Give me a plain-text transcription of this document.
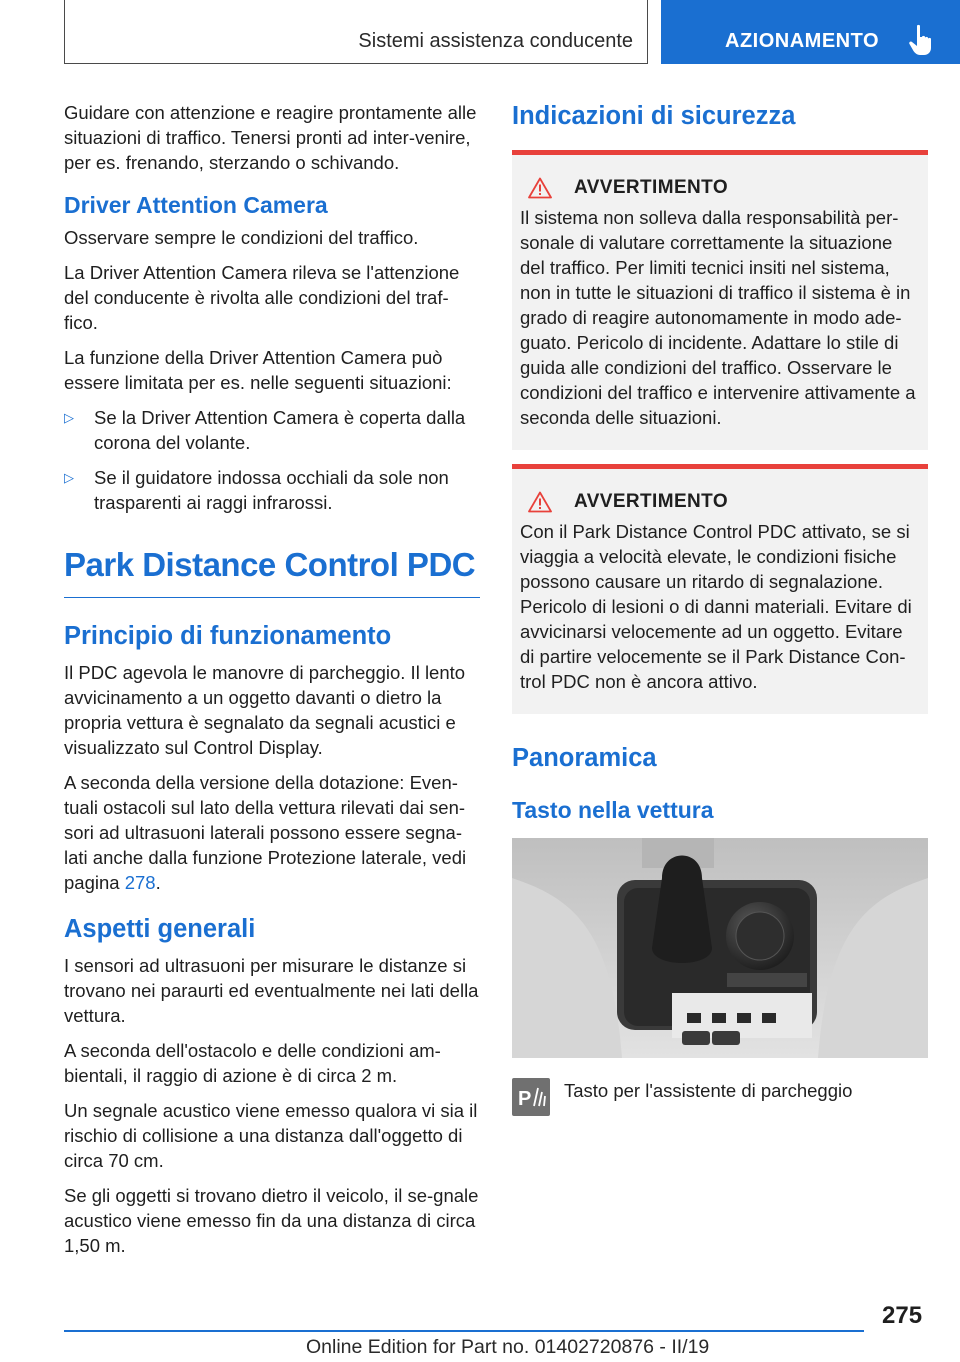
Sistemi assistenza conducente	AZIONAMENTO

Guidare con attenzione e reagire prontamente alle situazioni di traffico. Tenersi pronti ad inter-venire, per es. frenando, sterzando o schivando.

Driver Attention Camera

Osservare sempre le condizioni del traffico.

La Driver Attention Camera rileva se l'attenzione del conducente è rivolta alle condizioni del traf-fico.

La funzione della Driver Attention Camera può essere limitata per es. nelle seguenti situazioni:

▷	Se la Driver Attention Camera è coperta dalla corona del volante.
▷	Se il guidatore indossa occhiali da sole non trasparenti ai raggi infrarossi.
Park Distance Control PDC
Principio di funzionamento

Il PDC agevola le manovre di parcheggio. Il lento avvicinamento a un oggetto davanti o dietro la propria vettura è segnalato da segnali acustici e visualizzato sul Control Display.

A seconda della versione della dotazione: Even-tuali ostacoli sul lato della vettura rilevati dai sen-sori ad ultrasuoni laterali possono essere segna-lati anche dalla funzione Protezione laterale, vedi pagina 278.

Aspetti generali

I sensori ad ultrasuoni per misurare le distanze si trovano nei paraurti ed eventualmente nei lati della vettura.

A seconda dell'ostacolo e delle condizioni am-bientali, il raggio di azione è di circa 2 m.

Un segnale acustico viene emesso qualora vi sia il rischio di collisione a una distanza dall'oggetto di circa 70 cm.

Se gli oggetti si trovano dietro il veicolo, il se-gnale acustico viene emesso fin da una distanza di circa 1,50 m.

Indicazioni di sicurezza
AVVERTIMENTO

Il sistema non solleva dalla responsabilità per-sonale di valutare correttamente la situazione del traffico. Per limiti tecnici insiti nel sistema, non in tutte le situazioni di traffico il sistema è in grado di reagire autonomamente in modo ade-guato. Pericolo di incidente. Adattare lo stile di guida alle condizioni del traffico. Osservare le condizioni del traffico e intervenire attivamente a seconda delle situazioni.

AVVERTIMENTO

Con il Park Distance Control PDC attivato, se si viaggia a velocità elevate, le condizioni fisiche possono causare un ritardo di segnalazione. Pericolo di lesioni o di danni materiali. Evitare di avvicinarsi velocemente ad un oggetto. Evitare di partire velocemente se il Park Distance Con-trol PDC non è ancora attivo.

Panoramica
Tasto nella vettura
P Tasto per l'assistente di parcheggio

275
Online Edition for Part no. 01402720876 - II/19
